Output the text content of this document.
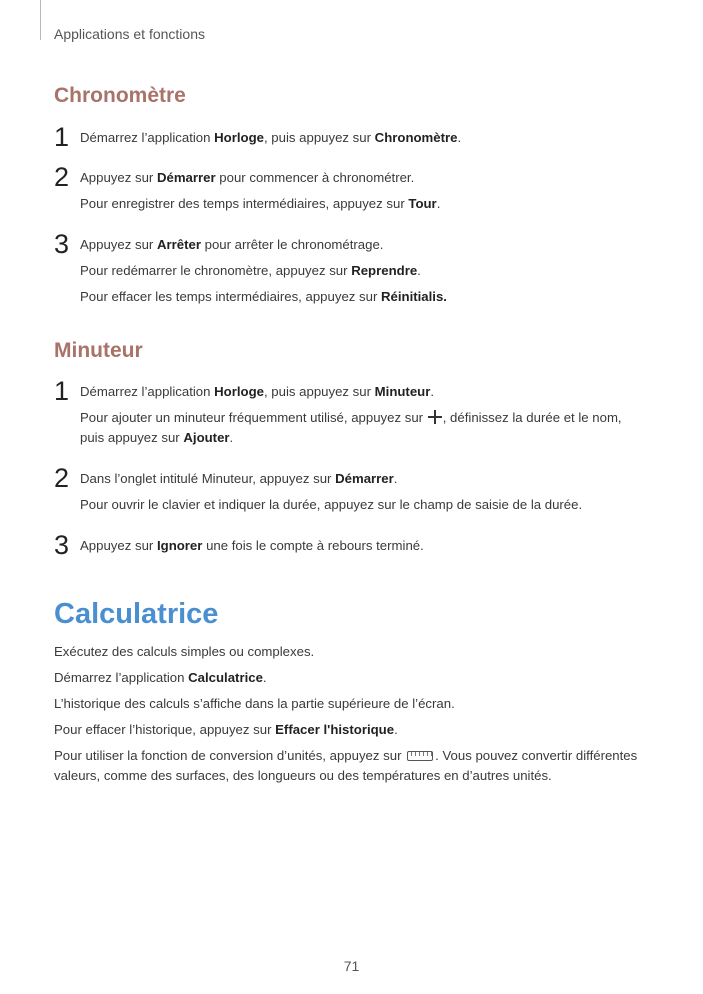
Applications et fonctions
Chronomètre
1 Démarrez l’application Horloge, puis appuyez sur Chronomètre.

2 Appuyez sur Démarrer pour commencer à chronométrer.

Pour enregistrer des temps intermédiaires, appuyez sur Tour.

3 Appuyez sur Arrêter pour arrêter le chronométrage.

Pour redémarrer le chronomètre, appuyez sur Reprendre.

Pour effacer les temps intermédiaires, appuyez sur Réinitialis.

Minuteur
1 Démarrez l’application Horloge, puis appuyez sur Minuteur.

Pour ajouter un minuteur fréquemment utilisé, appuyez sur , définissez la durée et le nom,
puis appuyez sur Ajouter.

2 Dans l’onglet intitulé Minuteur, appuyez sur Démarrer.

Pour ouvrir le clavier et indiquer la durée, appuyez sur le champ de saisie de la durée.

3 Appuyez sur Ignorer une fois le compte à rebours terminé.

Calculatrice

Exécutez des calculs simples ou complexes.

Démarrez l’application Calculatrice.

L’historique des calculs s’affiche dans la partie supérieure de l’écran.

Pour effacer l’historique, appuyez sur Effacer l'historique.

Pour utiliser la fonction de conversion d’unités, appuyez sur . Vous pouvez convertir différentes
valeurs, comme des surfaces, des longueurs ou des températures en d’autres unités.

71
